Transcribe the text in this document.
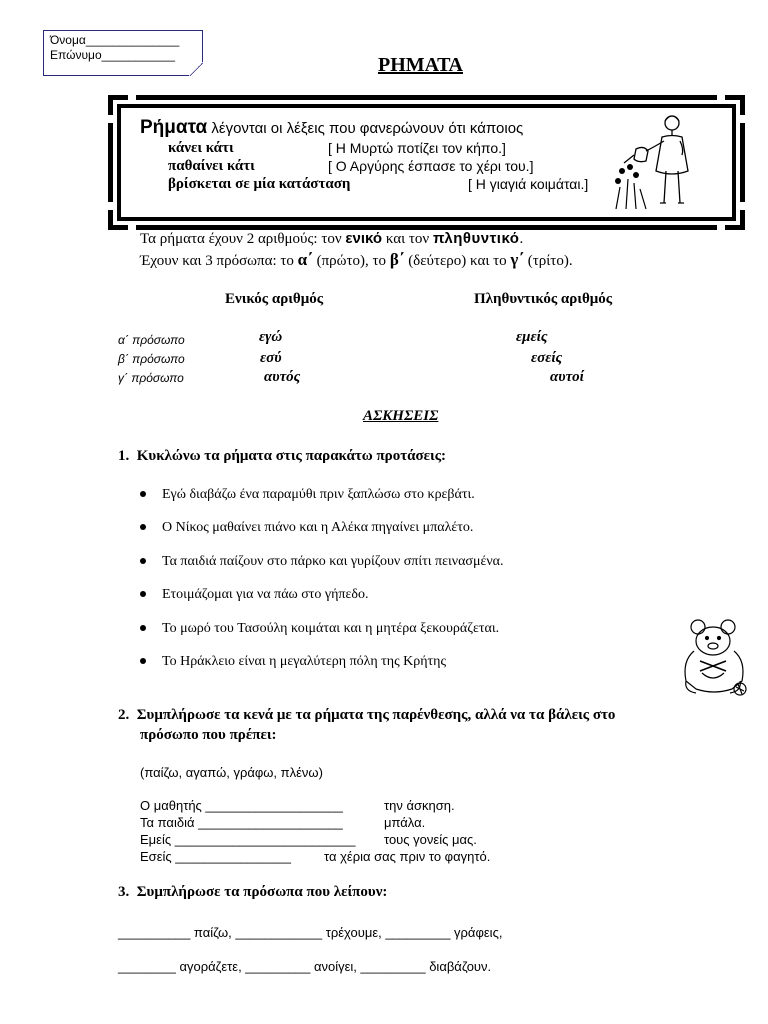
Όνομα______________
Επώνυμο___________	ΡΗΜΑΤΑ
Ρήματα λέγονται οι λέξεις που φανερώνουν ότι κάποιος
κάνει κάτι	[ Η Μυρτώ ποτίζει τον κήπο.]
παθαίνει κάτι	[ Ο Αργύρης έσπασε το χέρι του.]
βρίσκεται σε μία κατάσταση	[ Η γιαγιά κοιμάται.]
Τα ρήματα έχουν 2 αριθμούς: τον ενικό και τον πληθυντικό.
Έχουν και 3 πρόσωπα: το α΄ (πρώτο), το β΄ (δεύτερο) και το γ΄ (τρίτο).
Ενικός αριθμός	Πληθυντικός αριθμός
α΄ πρόσωπο	εγώ	εμείς
β΄ πρόσωπο	εσύ	εσείς
γ΄ πρόσωπο	αυτός	αυτοί
ΑΣΚΗΣΕΙΣ
1. Κυκλώνω τα ρήματα στις παρακάτω προτάσεις:
Εγώ διαβάζω ένα παραμύθι πριν ξαπλώσω στο κρεβάτι.
Ο Νίκος μαθαίνει πιάνο και η Αλέκα πηγαίνει μπαλέτο.
Τα παιδιά παίζουν στο πάρκο και γυρίζουν σπίτι πεινασμένα.
Ετοιμάζομαι για να πάω στο γήπεδο.
Το μωρό του Τασούλη κοιμάται και η μητέρα ξεκουράζεται.
Το Ηράκλειο είναι η μεγαλύτερη πόλη της Κρήτης
2. Συμπλήρωσε τα κενά με τα ρήματα της παρένθεσης, αλλά να τα βάλεις στο
πρόσωπο που πρέπει:
(παίζω, αγαπώ, γράφω, πλένω)
Ο μαθητής ___________________	την άσκηση.
Τα παιδιά ____________________	μπάλα.
Εμείς _________________________ τους γονείς μας.
Εσείς ________________	τα χέρια σας πριν το φαγητό.
3. Συμπλήρωσε τα πρόσωπα που λείπουν:
__________ παίζω, ____________ τρέχουμε, _________ γράφεις,
________ αγοράζετε, _________ ανοίγει, _________ διαβάζουν.
